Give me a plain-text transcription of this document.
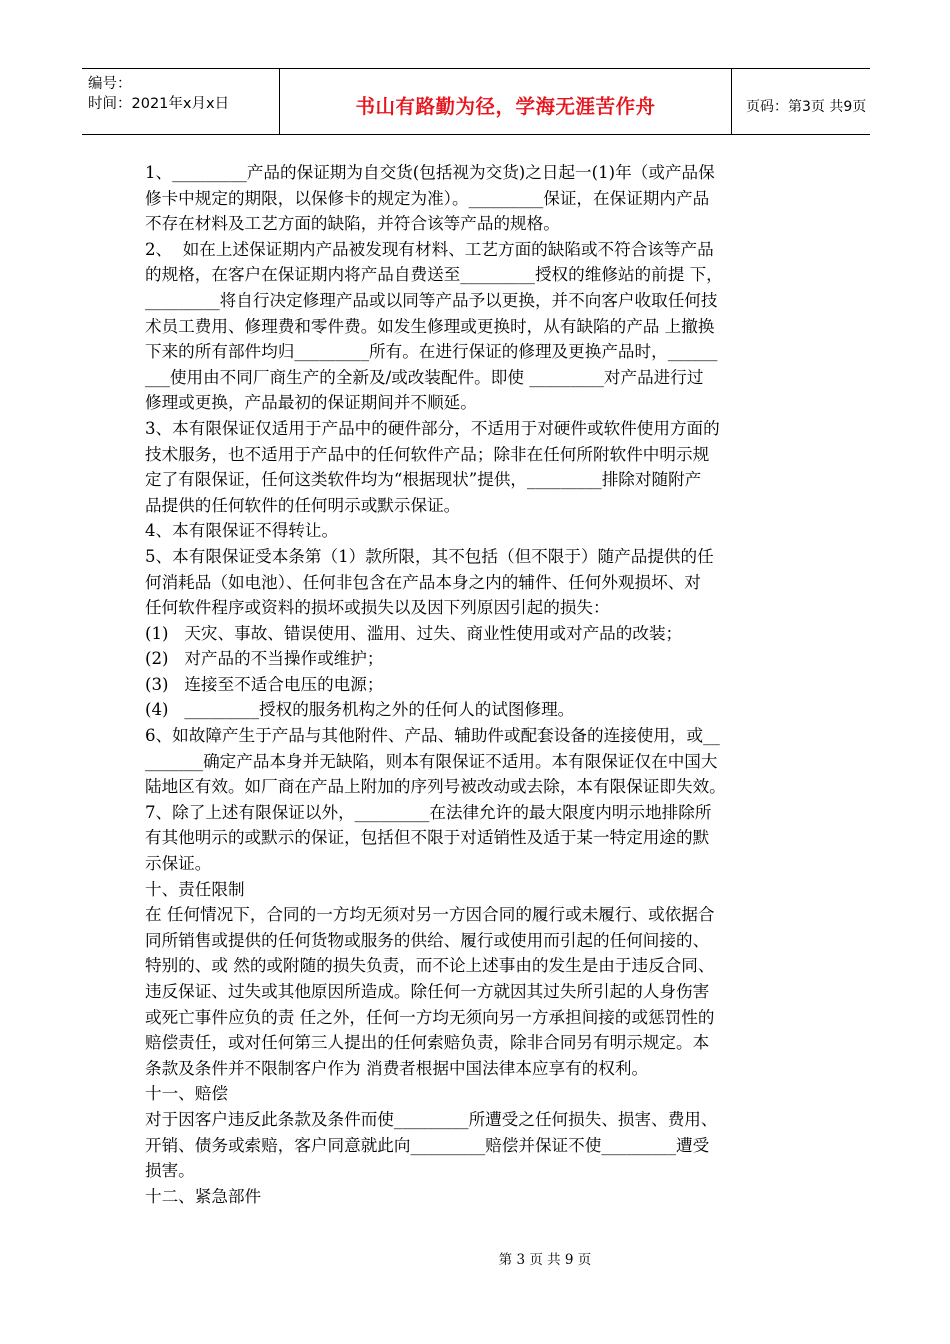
编号：
时间：2021年x月x日	书山有路勤为径，学海无涯苦作舟	页码：第3页 共9页
1、_________产品的保证期为自交货(包括视为交货)之日起一(1)年（或产品保
修卡中规定的期限，以保修卡的规定为准）。_________保证，在保证期内产品
不存在材料及工艺方面的缺陷，并符合该等产品的规格。
2、  如在上述保证期内产品被发现有材料、工艺方面的缺陷或不符合该等产品
的规格，在客户在保证期内将产品自费送至_________授权的维修站的前提 下，
_________将自行决定修理产品或以同等产品予以更换，并不向客户收取任何技
术员工费用、修理费和零件费。如发生修理或更换时，从有缺陷的产品 上撤换
下来的所有部件均归_________所有。在进行保证的修理及更换产品时，______
___使用由不同厂商生产的全新及/或改装配件。即使 _________对产品进行过
修理或更换，产品最初的保证期间并不顺延。
3、本有限保证仅适用于产品中的硬件部分，不适用于对硬件或软件使用方面的
技术服务，也不适用于产品中的任何软件产品；除非在任何所附软件中明示规
定了有限保证，任何这类软件均为“根据现状”提供，_________排除对随附产
品提供的任何软件的任何明示或默示保证。
4、本有限保证不得转让。
5、本有限保证受本条第（1）款所限，其不包括（但不限于）随产品提供的任
何消耗品（如电池）、任何非包含在产品本身之内的辅件、任何外观损坏、对
任何软件程序或资料的损坏或损失以及因下列原因引起的损失：
(1)   天灾、事故、错误使用、滥用、过失、商业性使用或对产品的改装；
(2)   对产品的不当操作或维护；
(3)   连接至不适合电压的电源；
(4)   _________授权的服务机构之外的任何人的试图修理。
6、如故障产生于产品与其他附件、产品、辅助件或配套设备的连接使用，或__
_______确定产品本身并无缺陷，则本有限保证不适用。本有限保证仅在中国大
陆地区有效。如厂商在产品上附加的序列号被改动或去除，本有限保证即失效。
7、除了上述有限保证以外，_________在法律允许的最大限度内明示地排除所
有其他明示的或默示的保证，包括但不限于对适销性及适于某一特定用途的默
示保证。
十、责任限制
在 任何情况下，合同的一方均无须对另一方因合同的履行或未履行、或依据合
同所销售或提供的任何货物或服务的供给、履行或使用而引起的任何间接的、
特别的、或 然的或附随的损失负责，而不论上述事由的发生是由于违反合同、
违反保证、过失或其他原因所造成。除任何一方就因其过失所引起的人身伤害
或死亡事件应负的责 任之外，任何一方均无须向另一方承担间接的或惩罚性的
赔偿责任，或对任何第三人提出的任何索赔负责，除非合同另有明示规定。本
条款及条件并不限制客户作为 消费者根据中国法律本应享有的权利。
十一、赔偿
对于因客户违反此条款及条件而使_________所遭受之任何损失、损害、费用、
开销、债务或索赔，客户同意就此向_________赔偿并保证不使_________遭受
损害。
十二、紧急部件
第 3 页 共 9 页
